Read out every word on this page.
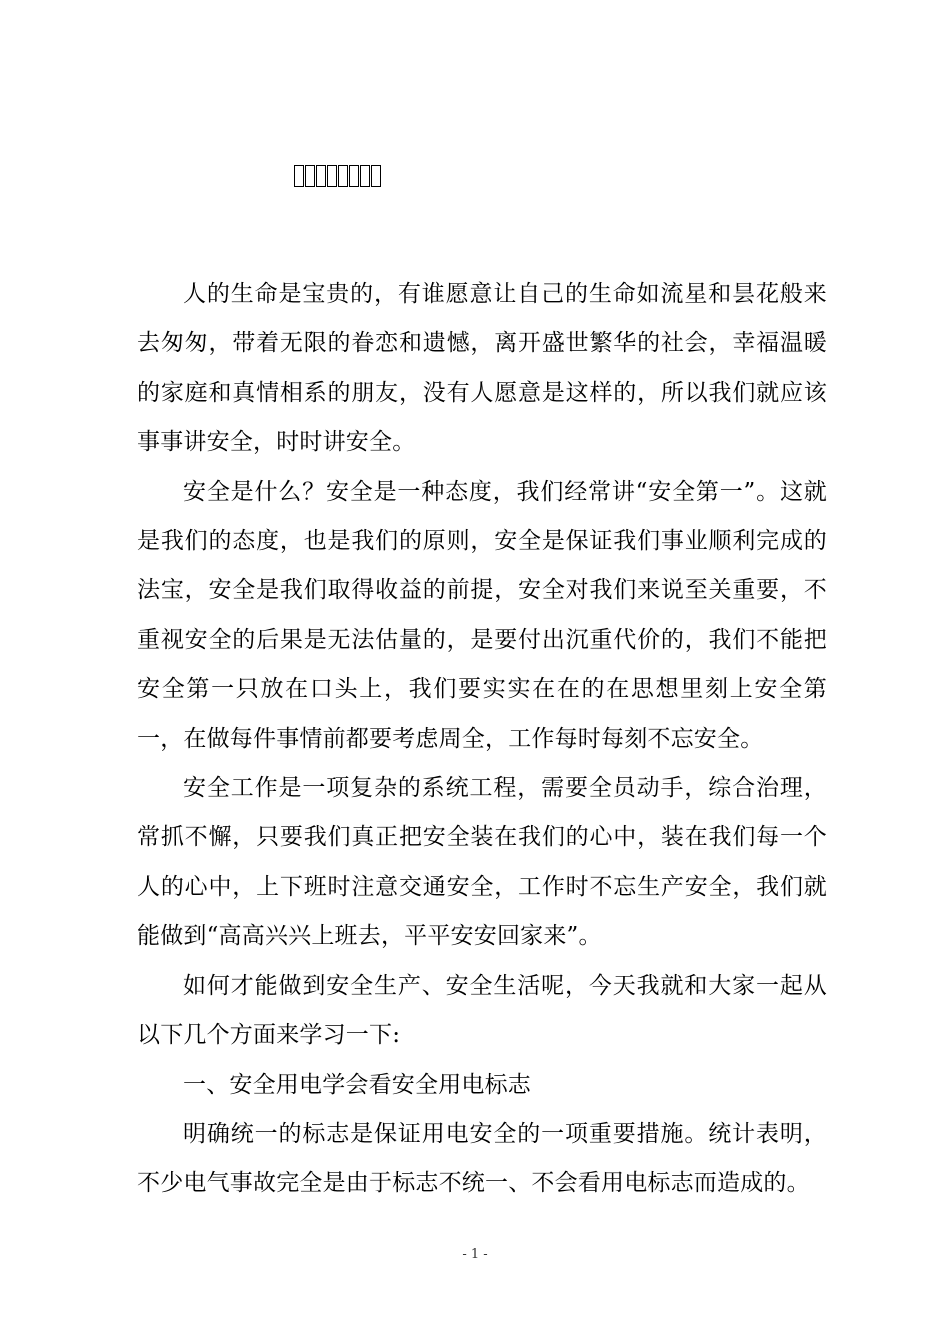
人的生命是宝贵的，有谁愿意让自己的生命如流星和昙花般来去匆匆，带着无限的眷恋和遗憾，离开盛世繁华的社会，幸福温暖的家庭和真情相系的朋友，没有人愿意是这样的，所以我们就应该事事讲安全，时时讲安全。

安全是什么？安全是一种态度，我们经常讲“安全第一”。这就是我们的态度，也是我们的原则，安全是保证我们事业顺利完成的法宝，安全是我们取得收益的前提，安全对我们来说至关重要，不重视安全的后果是无法估量的，是要付出沉重代价的，我们不能把安全第一只放在口头上，我们要实实在在的在思想里刻上安全第一，在做每件事情前都要考虑周全，工作每时每刻不忘安全。

安全工作是一项复杂的系统工程，需要全员动手，综合治理，常抓不懈，只要我们真正把安全装在我们的心中，装在我们每一个人的心中，上下班时注意交通安全，工作时不忘生产安全，我们就能做到“高高兴兴上班去，平平安安回家来”。

如何才能做到安全生产、安全生活呢，今天我就和大家一起从以下几个方面来学习一下:

一、安全用电学会看安全用电标志

明确统一的标志是保证用电安全的一项重要措施。统计表明，不少电气事故完全是由于标志不统一、不会看用电标志而造成的。

- 1 -
